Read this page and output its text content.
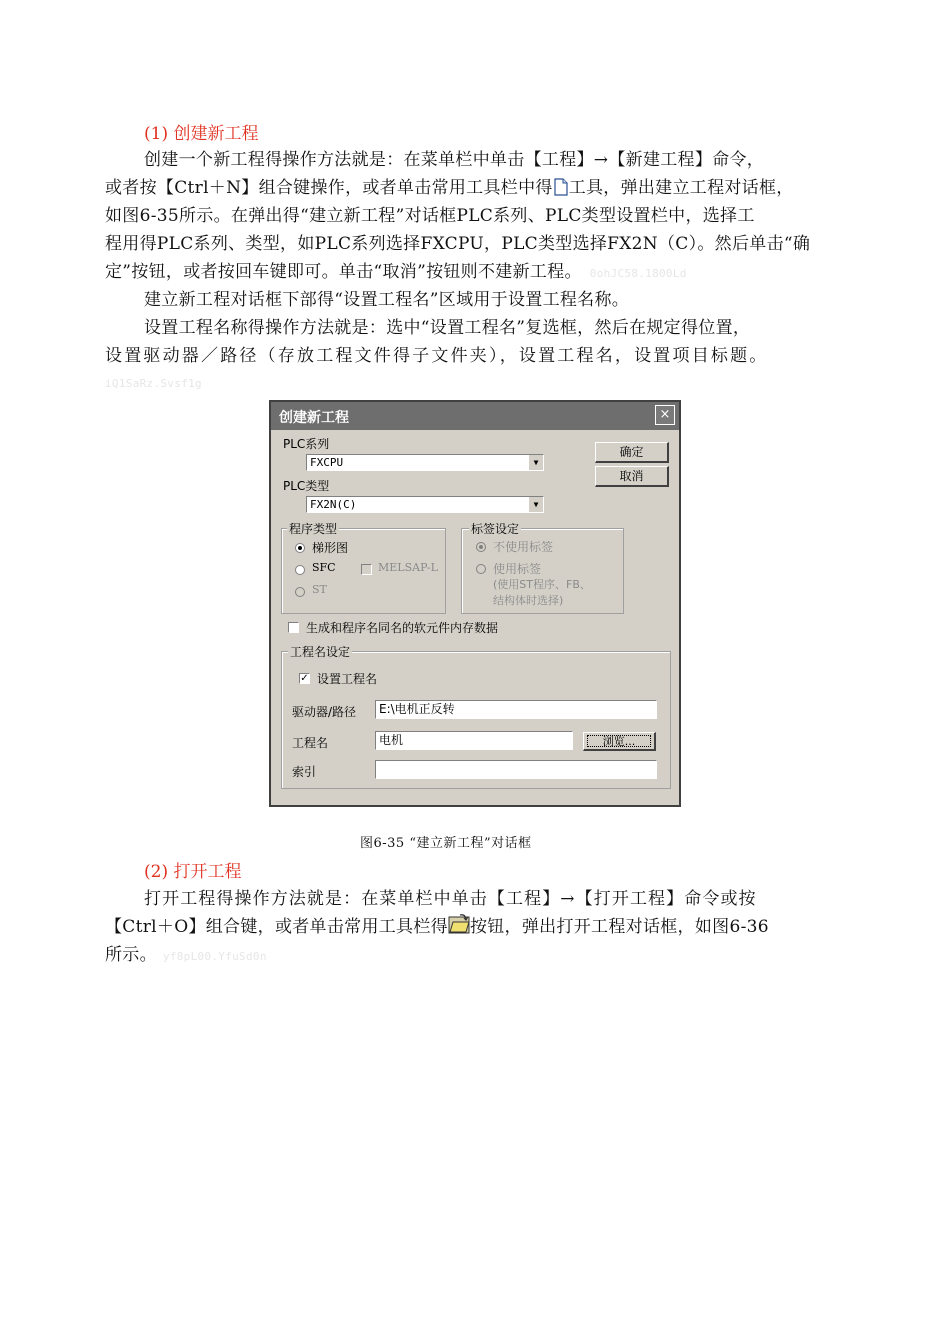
(1) 创建新工程
创建一个新工程得操作方法就是：在菜单栏中单击【工程】→【新建工程】命令，
或者按【Ctrl＋N】组合键操作，或者单击常用工具栏中得 工具，弹出建立工程对话框，
如图6-35所示。在弹出得“建立新工程”对话框PLC系列、PLC类型设置栏中，选择工
程用得PLC系列、类型，如PLC系列选择FXCPU，PLC类型选择FX2N（C）。然后单击“确
定”按钮，或者按回车键即可。单击“取消”按钮则不建新工程。 0ohJC58.1800Ld
建立新工程对话框下部得“设置工程名”区域用于设置工程名称。
设置工程名称得操作方法就是：选中“设置工程名”复选框，然后在规定得位置，
设置驱动器／路径（存放工程文件得子文件夹），设置工程名，设置项目标题。
iQ1SaRz.Svsf1g
创建新工程	×
PLC系列
FXCPU	▼
PLC类型
FX2N(C)	▼
确定
取消
程序类型
梯形图
SFC	MELSAP-L
ST
标签设定
不使用标签
使用标签
(使用ST程序、FB、
结构体时选择)
生成和程序名同名的软元件内存数据
工程名设定
✓ 设置工程名
驱动器/路径	E:\电机正反转
工程名	电机	浏览...
索引
图6-35 “建立新工程”对话框
(2) 打开工程
打开工程得操作方法就是：在菜单栏中单击【工程】→【打开工程】命令或按
【Ctrl＋O】组合键，或者单击常用工具栏得 按钮，弹出打开工程对话框，如图6-36
所示。 yf8pL00.YfuSd0n
